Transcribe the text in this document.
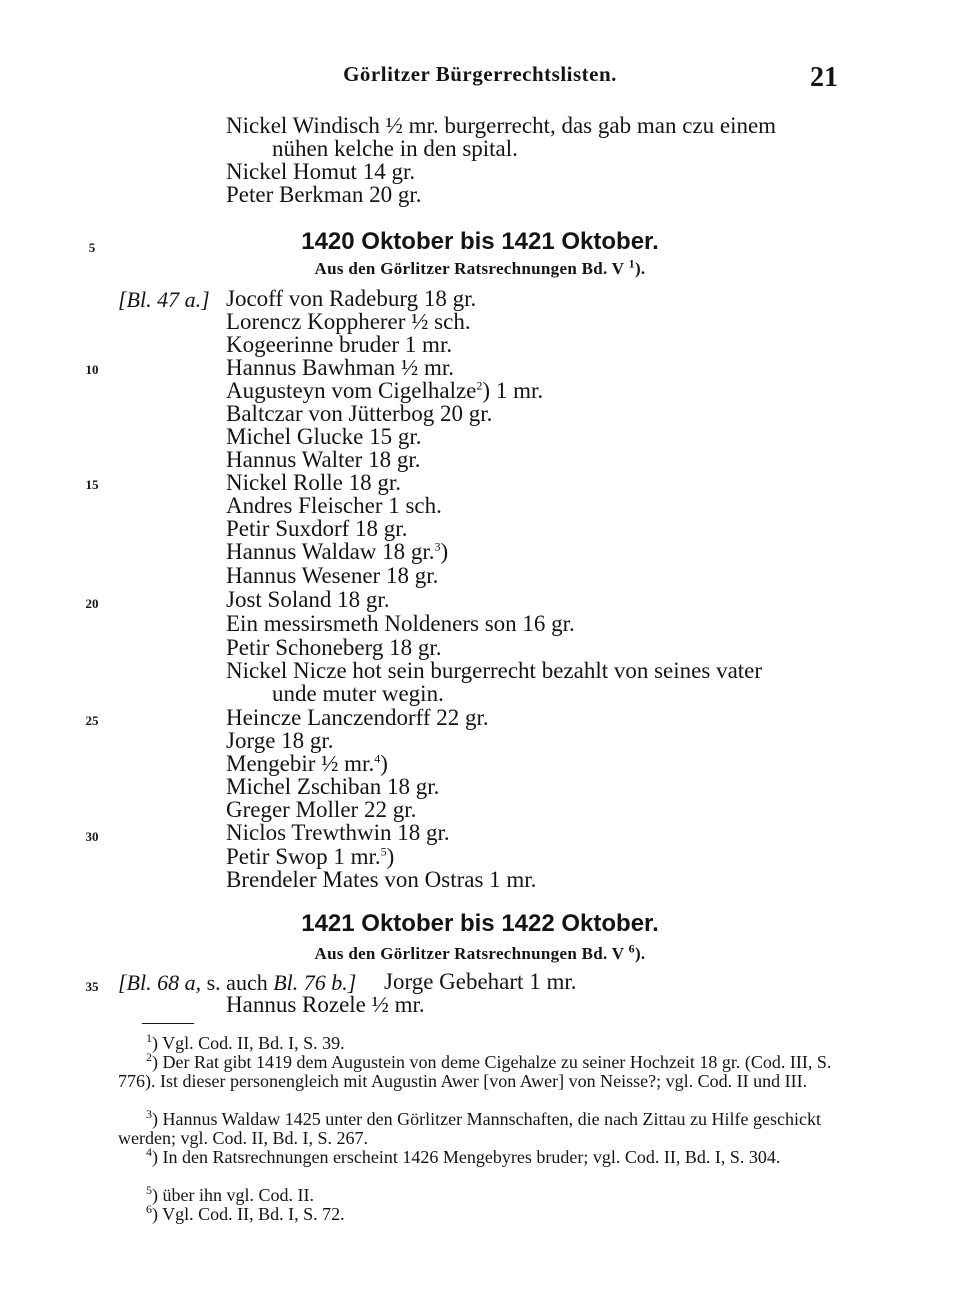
Görlitzer Bürgerrechtslisten.	21
Nickel Windisch ½ mr. burgerrecht, das gab man czu einem
nühen kelche in den spital.
Nickel Homut 14 gr.
Peter Berkman 20 gr.
1420 Oktober bis 1421 Oktober.
Aus den Görlitzer Ratsrechnungen Bd. V $^1$).
[Bl. 47 a.] Jocoff von Radeburg 18 gr.
Lorencz Koppherer ½ sch.
Kogeerinne bruder 1 mr.
Hannus Bawhman ½ mr.
Augusteyn vom Cigelhalze$^2$) 1 mr.
Baltczar von Jütterbog 20 gr.
Michel Glucke 15 gr.
Hannus Walter 18 gr.
Nickel Rolle 18 gr.
Andres Fleischer 1 sch.
Petir Suxdorf 18 gr.
Hannus Waldaw 18 gr.$^3$)
Hannus Wesener 18 gr.
Jost Soland 18 gr.
Ein messirsmeth Noldeners son 16 gr.
Petir Schoneberg 18 gr.
Nickel Nicze hot sein burgerrecht bezahlt von seines vater
unde muter wegin.
Heincze Lanczendorff 22 gr.
Jorge 18 gr.
Mengebir ½ mr.$^4$)
Michel Zschiban 18 gr.
Greger Moller 22 gr.
Niclos Trewthwin 18 gr.
Petir Swop 1 mr.$^5$)
Brendeler Mates von Ostras 1 mr.
1421 Oktober bis 1422 Oktober.
Aus den Görlitzer Ratsrechnungen Bd. V $^6$).
[Bl. 68 a, s. auch Bl. 76 b.] Jorge Gebehart 1 mr.
Hannus Rozele ½ mr.
5
10
15
20
25
30
35
$^1$) Vgl. Cod. II, Bd. I, S. 39.
$^2$) Der Rat gibt 1419 dem Augustein von deme Cigehalze zu seiner Hochzeit 18 gr. (Cod. III, S. 776). Ist dieser personengleich mit Augustin Awer [von Awer] von Neisse?; vgl. Cod. II und III.
$^3$) Hannus Waldaw 1425 unter den Görlitzer Mannschaften, die nach Zittau zu Hilfe geschickt werden; vgl. Cod. II, Bd. I, S. 267.
$^4$) In den Ratsrechnungen erscheint 1426 Mengebyres bruder; vgl. Cod. II, Bd. I, S. 304.
$^5$) über ihn vgl. Cod. II.
$^6$) Vgl. Cod. II, Bd. I, S. 72.
